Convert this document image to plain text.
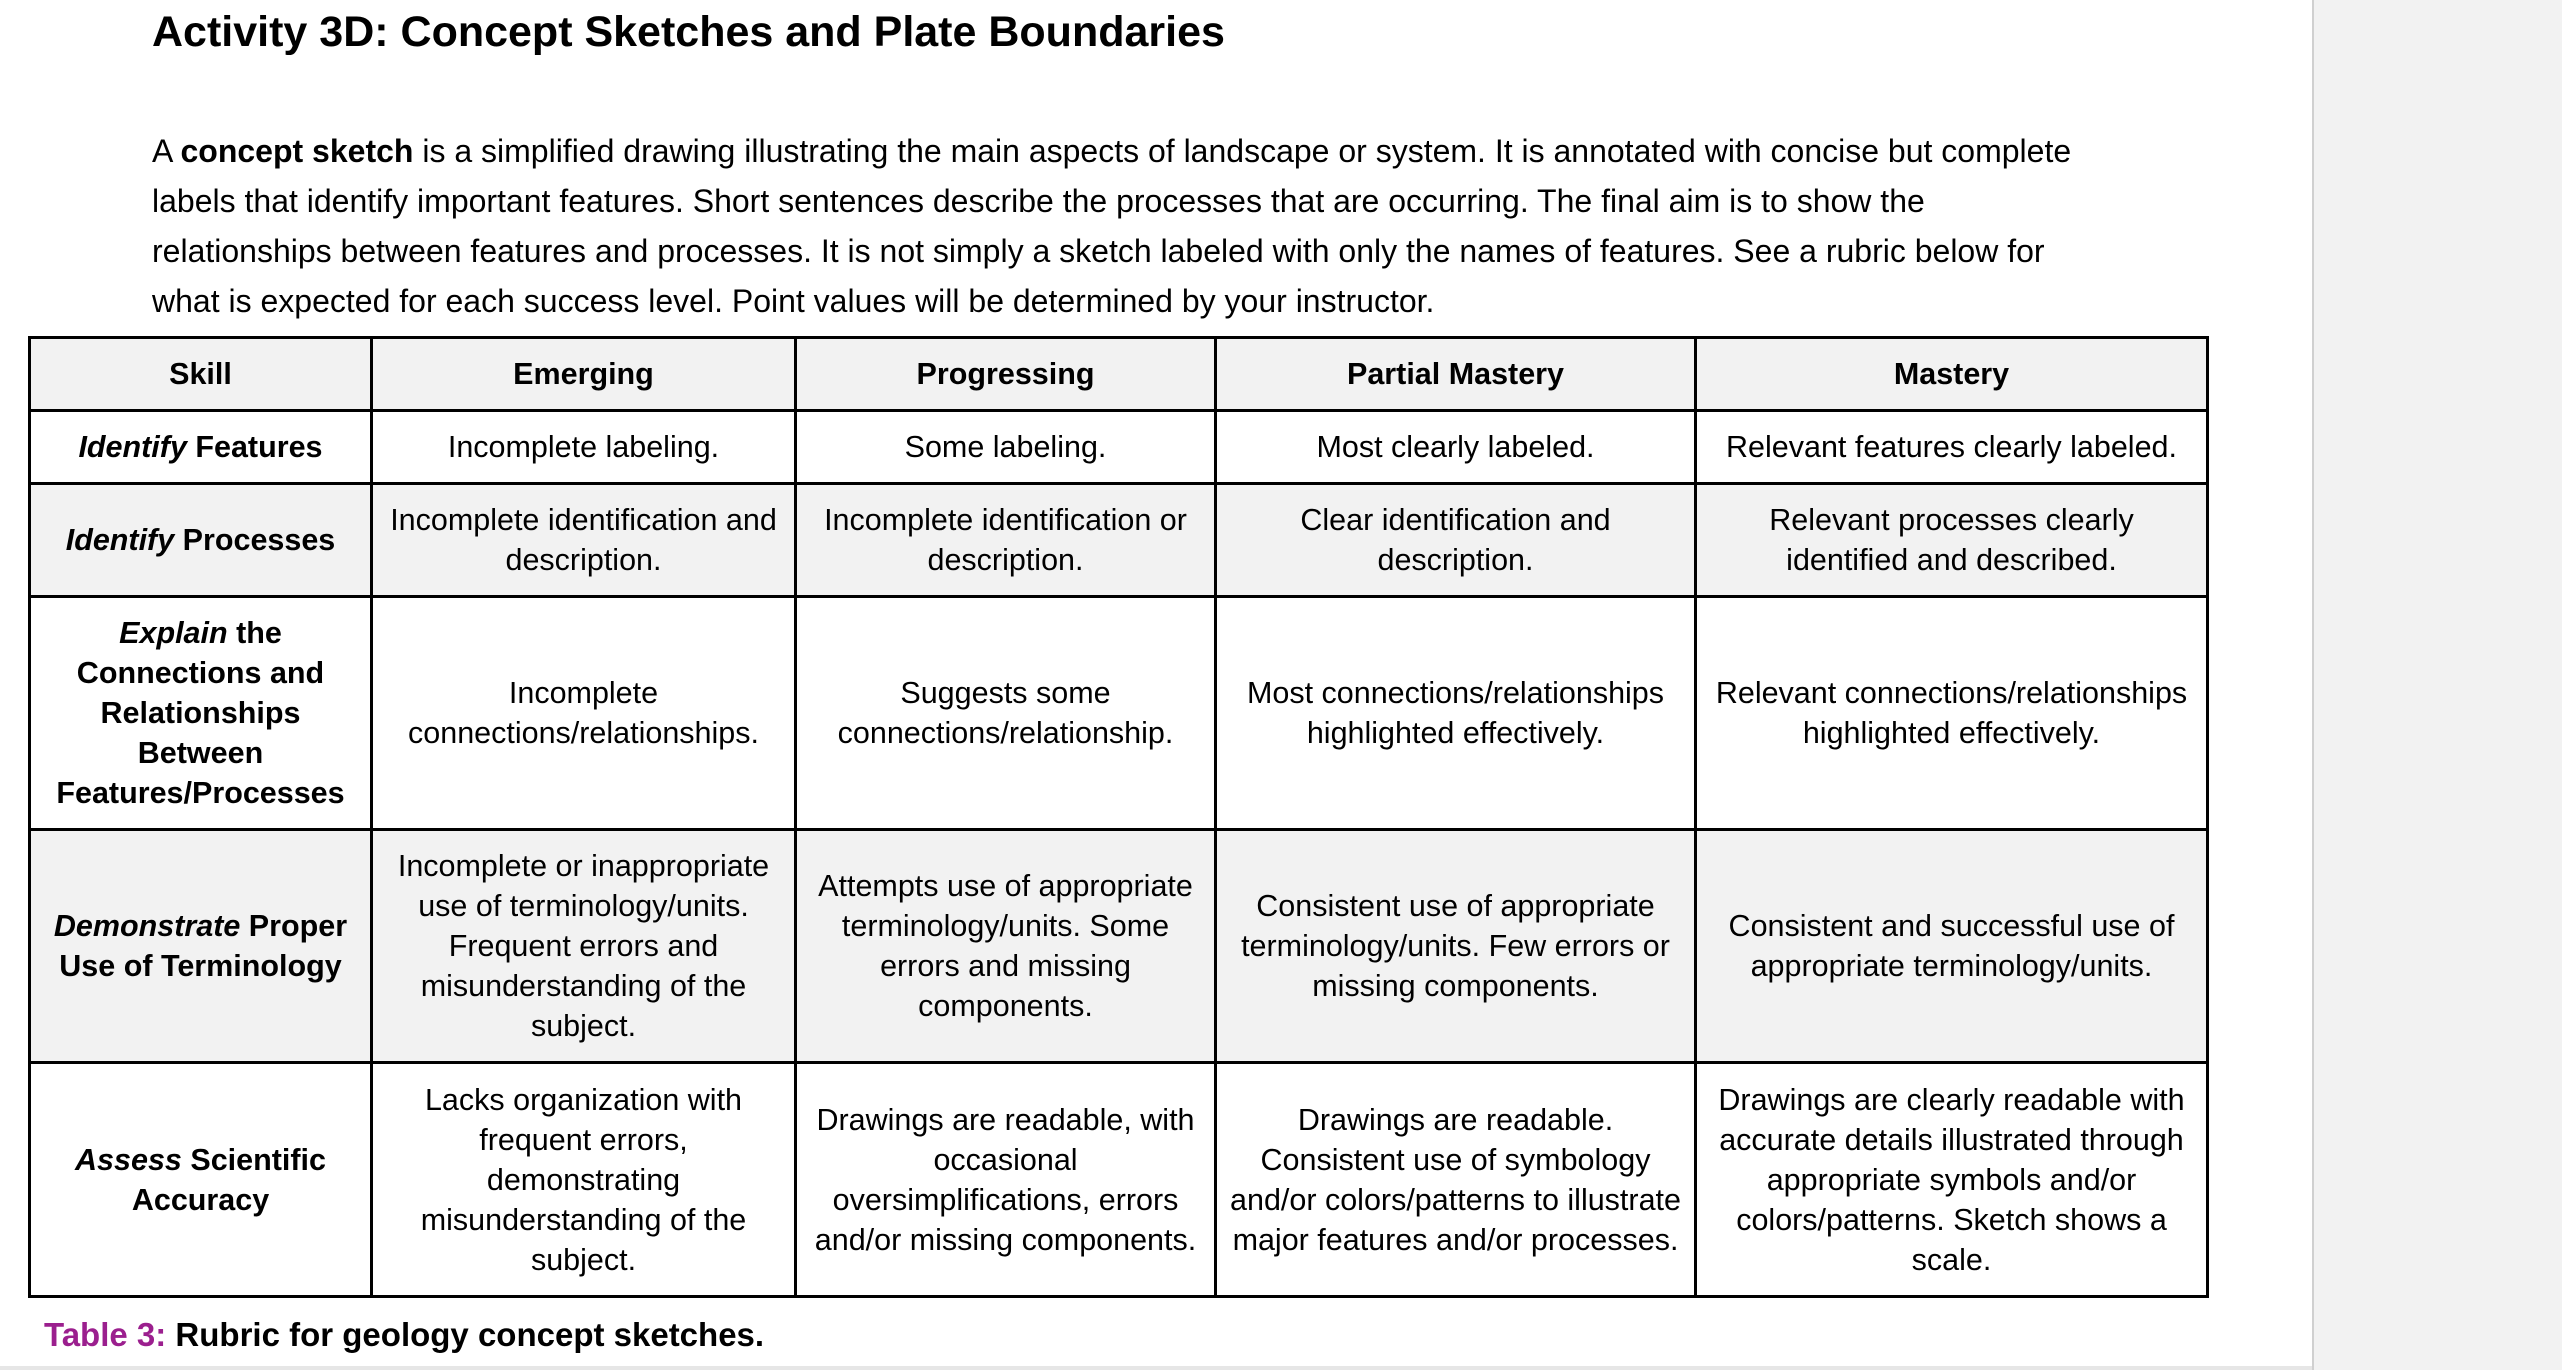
Activity 3D: Concept Sketches and Plate Boundaries

A concept sketch is a simplified drawing illustrating the main aspects of landscape or system. It is annotated with concise but complete labels that identify important features. Short sentences describe the processes that are occurring. The final aim is to show the relationships between features and processes. It is not simply a sketch labeled with only the names of features. See a rubric below for what is expected for each success level. Point values will be determined by your instructor.

Skill	Emerging	Progressing	Partial Mastery	Mastery
Identify Features	Incomplete labeling.	Some labeling.	Most clearly labeled.	Relevant features clearly labeled.
Identify Processes	Incomplete identification and description.	Incomplete identification or description.	Clear identification and description.	Relevant processes clearly identified and described.
Explain the Connections and Relationships Between Features/Processes	Incomplete connections/relationships.	Suggests some connections/relationship.	Most connections/relationships highlighted effectively.	Relevant connections/relationships highlighted effectively.
Demonstrate Proper Use of Terminology	Incomplete or inappropriate use of terminology/units. Frequent errors and misunderstanding of the subject.	Attempts use of appropriate terminology/units. Some errors and missing components.	Consistent use of appropriate terminology/units. Few errors or missing components.	Consistent and successful use of appropriate terminology/units.
Assess Scientific Accuracy	Lacks organization with frequent errors, demonstrating misunderstanding of the subject.	Drawings are readable, with occasional oversimplifications, errors and/or missing components.	Drawings are readable. Consistent use of symbology and/or colors/patterns to illustrate major features and/or processes.	Drawings are clearly readable with accurate details illustrated through appropriate symbols and/or colors/patterns. Sketch shows a scale.
Table 3: Rubric for geology concept sketches.
